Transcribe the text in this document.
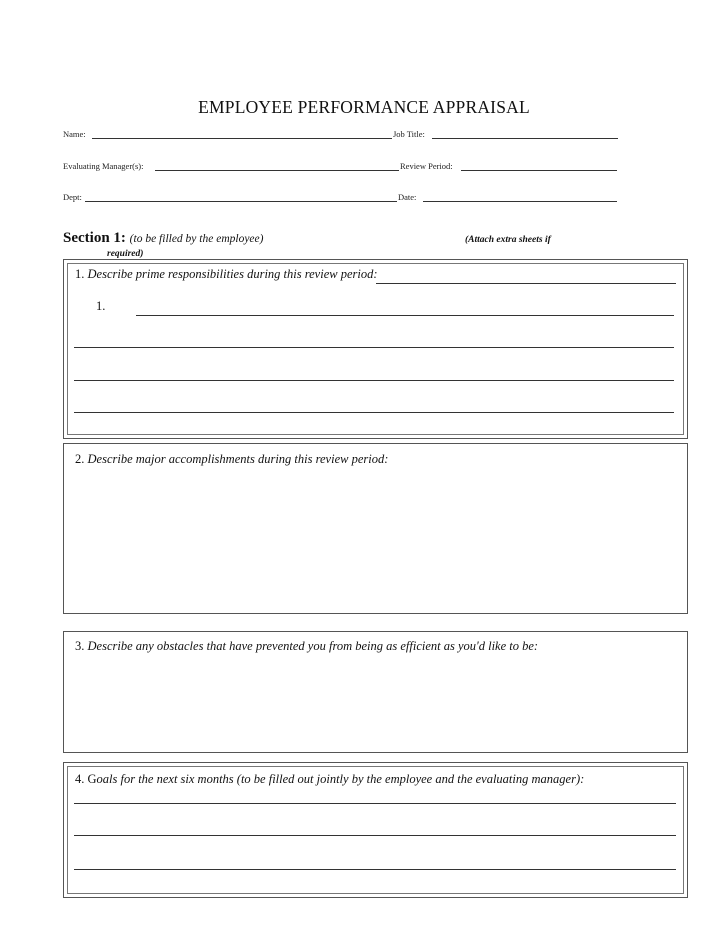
EMPLOYEE PERFORMANCE APPRAISAL
Name:	Job Title:
Evaluating Manager(s):	Review Period:
Dept:	Date:
Section 1: (to be filled by the employee)	(Attach extra sheets if
required)
1. Describe prime responsibilities during this review period:
1.
2. Describe major accomplishments during this review period:
3. Describe any obstacles that have prevented you from being as efficient as you'd like to be:
4. Goals for the next six months (to be filled out jointly by the employee and the evaluating manager):
